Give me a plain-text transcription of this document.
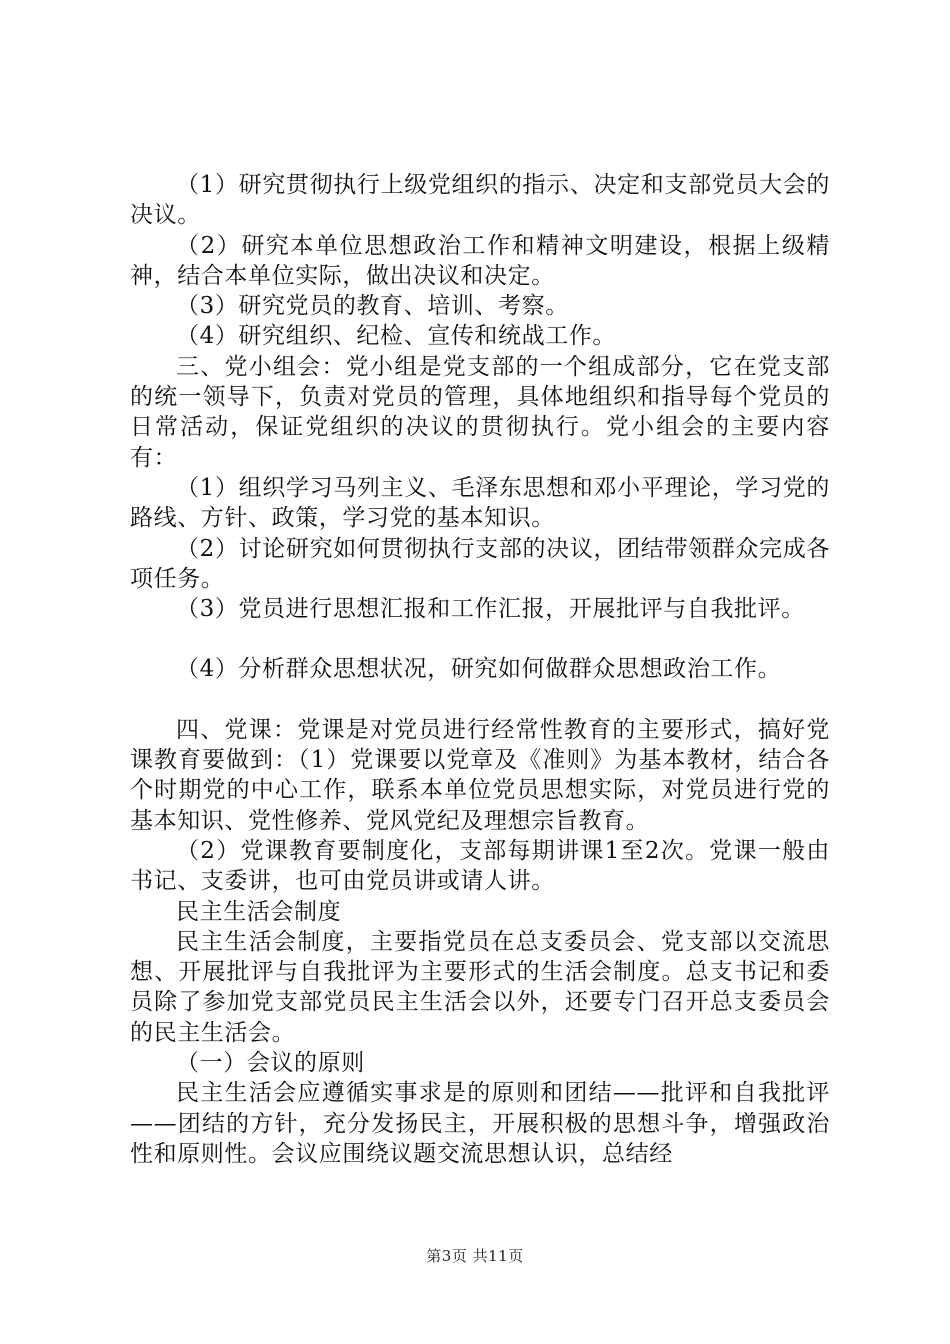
（1）研究贯彻执行上级党组织的指示、决定和支部党员大会的决议。

（2）研究本单位思想政治工作和精神文明建设，根据上级精神，结合本单位实际，做出决议和决定。

（3）研究党员的教育、培训、考察。

（4）研究组织、纪检、宣传和统战工作。

三、党小组会：党小组是党支部的一个组成部分，它在党支部的统一领导下，负责对党员的管理，具体地组织和指导每个党员的日常活动，保证党组织的决议的贯彻执行。党小组会的主要内容有：

（1）组织学习马列主义、毛泽东思想和邓小平理论，学习党的路线、方针、政策，学习党的基本知识。

（2）讨论研究如何贯彻执行支部的决议，团结带领群众完成各项任务。

（3）党员进行思想汇报和工作汇报，开展批评与自我批评。

（4）分析群众思想状况，研究如何做群众思想政治工作。

四、党课：党课是对党员进行经常性教育的主要形式，搞好党课教育要做到：（1）党课要以党章及《准则》为基本教材，结合各个时期党的中心工作，联系本单位党员思想实际，对党员进行党的基本知识、党性修养、党风党纪及理想宗旨教育。

（2）党课教育要制度化，支部每期讲课1至2次。党课一般由书记、支委讲，也可由党员讲或请人讲。

民主生活会制度

民主生活会制度，主要指党员在总支委员会、党支部以交流思想、开展批评与自我批评为主要形式的生活会制度。总支书记和委员除了参加党支部党员民主生活会以外，还要专门召开总支委员会的民主生活会。

（一）会议的原则

民主生活会应遵循实事求是的原则和团结——批评和自我批评——团结的方针，充分发扬民主，开展积极的思想斗争，增强政治性和原则性。会议应围绕议题交流思想认识，总结经

第3页 共11页
